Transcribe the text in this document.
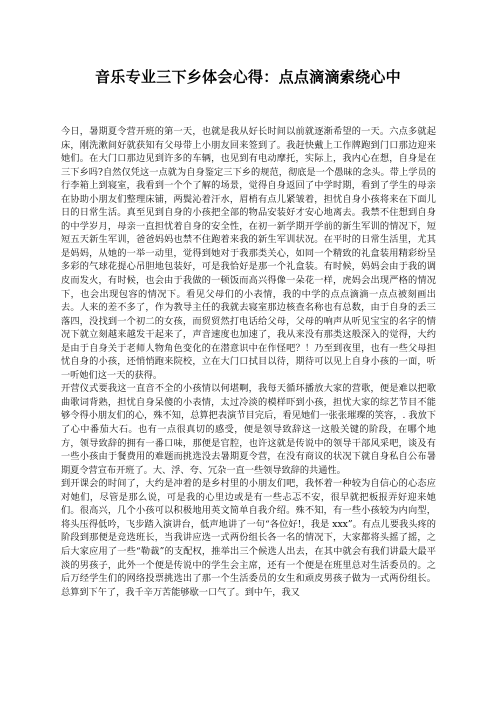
音乐专业三下乡体会心得：点点滴滴索绕心中

今日，暑期夏令营开班的第一天，也就是我从好长时间以前就逐渐希望的一天。六点多就起床，刚洗漱间好就获知有父母带上小朋友回来签到了。我赶快戴上工作牌跑到门口那边迎来她们。在大门口那边见到许多的车辆，也见到有电动摩托，实际上，我内心在想，自身是在三下乡吗?自然仅凭这一点就为自身鉴定三下乡的规范，彻底是一个愚昧的念头。带上学员的行李箱上到寝室，我看到一个个了解的场景，觉得自身返回了中学时期，看到了学生的母亲在协助小朋友们整理床铺，两鬓沁着汗水，眉梢有点儿紧皱着，担忧自身小孩将来在下面儿日的日常生活。真至见到自身的小孩把全部的物品安装好才安心地离去。我禁不住想到自身的中学岁月，母亲一直担忧着自身的安全性，在初一新学期开学前的新生军训的情况下，短短五天新生军训，爸爸妈妈也禁不住跑着来我的新生军训状况。在平时的日常生活里，尤其是妈妈，从她的一举一动里，觉得到她对于我那类关心，如同一个精致的礼盒装用精彩纷呈多彩的气球花提心吊胆地包装好，可是我恰好是那一个礼盒装。有时候，妈妈会由于我的调皮而发火，有时候，也会由于我做的一顿饭而高兴得像一朵花一样，虎妈会出现严格的情况下，也会出现包容的情况下。看见父母们的小表情，我的中学的点点滴滴一点点被刻画出去。人来的差不多了，作为教导主任的我就去寝室那边核查名称也有总数，由于自身的丢三落四，没找到一个初二的女孩，而贸贸然打电话给父母，父母的响声从听见宝宝的名字的情况下就立刻越来越发干起来了，声音速度也加速了，我从来没有那类这般深入的觉得，大约是由于自身关于老师人物角色变化的在潜意识中在作怪吧？！乃至到夜里，也有一些父母担忧自身的小孩，还悄悄跑来院校，立在大门口拭目以待，期待可以见上自身小孩的一面，听一听她们这一天的获得。

开营仪式要我这一直音不全的小孩情以何堪啊，我每天循环播放大家的营歌，便是难以把歌曲歌词背熟，担忧自身呆傻的小表情，太过冷淡的模样吓到小孩，担忧大家的综艺节目不能够令得小朋友们的心，殊不知，总算把表演节目完后，看见她们一张张璀璨的笑容，. 我放下了心中番茄大石。也有一点很真切的感受，便是领导致辞这一这般关键的阶段，在哪个地方，领导致辞的拥有一番口味，那便是官腔，也许这就是传说中的领导干部风采吧，谈及有一些小孩由于餐费用的难题而挑选没去暑期夏令营，在没有商议的状况下就自身私自公布暑期夏令营宣布开班了。大、浮、夸、冗杂一直一些领导致辞的共通性。

到开课会的时间了，大约是冲着的是乡村里的小朋友们吧，我怀着一种较为自信心的心态应对她们，尽管是那么说，可是我的心里边或是有一些忐忑不安，很早就把板报弄好迎来她们。很高兴，几个小孩可以积极地用英文简单自我介绍。殊不知，有一些小孩较为内向型，将头压得低吟，飞步踏入演讲台，低声地讲了一句“各位好!，我是 xxx”。有点儿要我头疼的阶段到那便是竞选班长，当我讲应选一式两份组长各一名的情况下，大家都将头摇了摇，之后大家应用了一些“勒裁”的支配权，推举出三个候选人出去，在其中就会有我们讲最大最平淡的男孩子，此外一个便是传说中的学生会主席，还有一个便是在班里总对生活委员的。之后万经学生们的网络投票挑选出了那一个生活委员的女生和顽皮男孩子做为一式两份组长。总算到下午了，我千辛万苦能够歇一口气了。到中午，我又
